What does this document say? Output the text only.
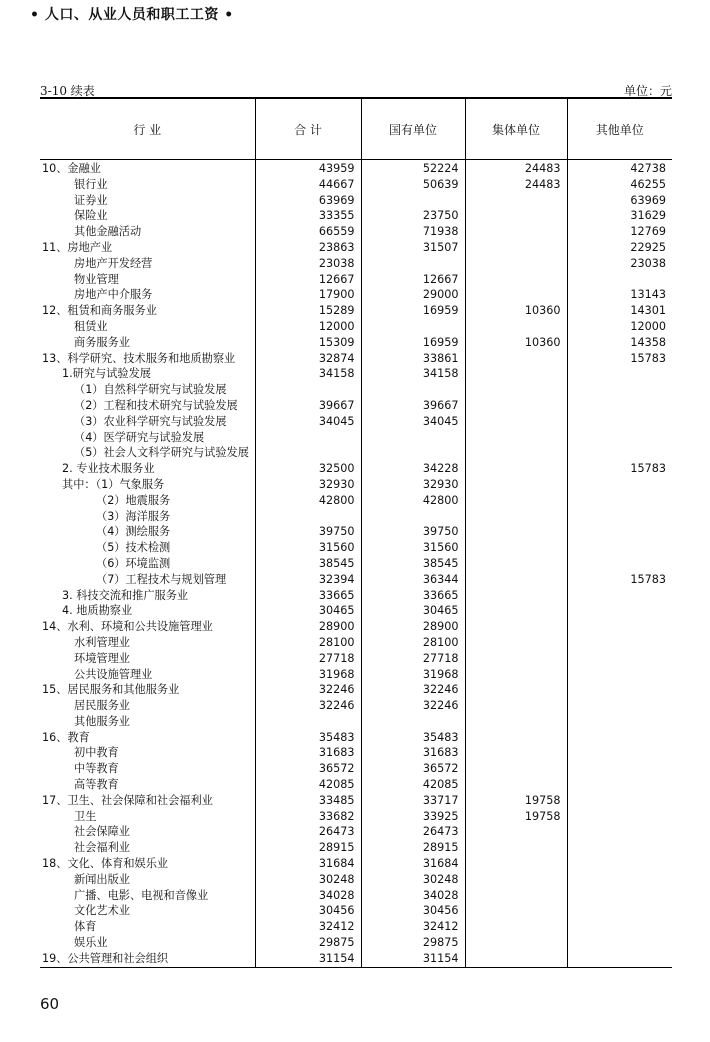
• 人口、从业人员和职工工资 •
3-10 续表	单位：元
行 业	合 计	国有单位	集体单位	其他单位
10、金融业	43959	52224	24483	42738
银行业	44667	50639	24483	46255
证券业	63969			63969
保险业	33355	23750		31629
其他金融活动	66559	71938		12769
11、房地产业	23863	31507		22925
房地产开发经营	23038			23038
物业管理	12667	12667		
房地产中介服务	17900	29000		13143
12、租赁和商务服务业	15289	16959	10360	14301
租赁业	12000			12000
商务服务业	15309	16959	10360	14358
13、科学研究、技术服务和地质勘察业	32874	33861		15783
1.研究与试验发展	34158	34158		
（1）自然科学研究与试验发展				
（2）工程和技术研究与试验发展	39667	39667		
（3）农业科学研究与试验发展	34045	34045		
（4）医学研究与试验发展				
（5）社会人文科学研究与试验发展				
2. 专业技术服务业	32500	34228		15783
其中：（1）气象服务	32930	32930		
（2）地震服务	42800	42800		
（3）海洋服务				
（4）测绘服务	39750	39750		
（5）技术检测	31560	31560		
（6）环境监测	38545	38545		
（7）工程技术与规划管理	32394	36344		15783
3. 科技交流和推广服务业	33665	33665		
4. 地质勘察业	30465	30465		
14、水利、环境和公共设施管理业	28900	28900		
水利管理业	28100	28100		
环境管理业	27718	27718		
公共设施管理业	31968	31968		
15、居民服务和其他服务业	32246	32246		
居民服务业	32246	32246		
其他服务业				
16、教育	35483	35483		
初中教育	31683	31683		
中等教育	36572	36572		
高等教育	42085	42085		
17、卫生、社会保障和社会福利业	33485	33717	19758	
卫生	33682	33925	19758	
社会保障业	26473	26473		
社会福利业	28915	28915		
18、文化、体育和娱乐业	31684	31684		
新闻出版业	30248	30248		
广播、电影、电视和音像业	34028	34028		
文化艺术业	30456	30456		
体育	32412	32412		
娱乐业	29875	29875		
19、公共管理和社会组织	31154	31154		
60
